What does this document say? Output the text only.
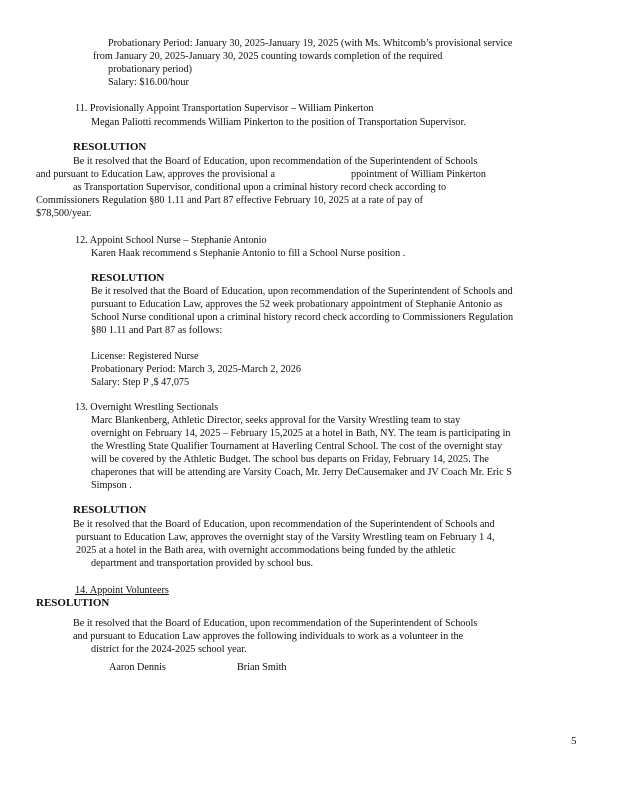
Probationary Period: January 30, 2025-January 19, 2025 (with Ms. Whitcomb’s provisional service
from January 20, 2025-January 30, 2025 counting towards completion of the required
probationary period)
Salary: $16.00/hour
11. Provisionally Appoint Transportation Supervisor – William Pinkerton
Megan Paliotti recommends William Pinkerton to the position of Transportation Supervisor.
RESOLUTION
Be it resolved that the Board of Education, upon recommendation of the Superintendent of Schools
and pursuant to Education Law, approves the provisional a	ppointment of William Pinkerton
as Transportation Supervisor, conditional upon a criminal history record check according to
Commissioners Regulation §80 1.11 and Part 87 effective February 10, 2025 at a rate of pay of
$78,500/year.
12. Appoint School Nurse – Stephanie Antonio
Karen Haak recommend s Stephanie Antonio to fill a School Nurse position .
RESOLUTION
Be it resolved that the Board of Education, upon recommendation of the Superintendent of Schools and
pursuant to Education Law, approves the 52 week probationary appointment of Stephanie Antonio as
School Nurse conditional upon a criminal history record check according to Commissioners Regulation
§80 1.11 and Part 87 as follows:
License: Registered Nurse
Probationary Period: March 3, 2025-March 2, 2026
Salary: Step P ,$ 47,075
13. Overnight Wrestling Sectionals
Marc Blankenberg, Athletic Director, seeks approval for the Varsity Wrestling team to stay
overnight on February 14, 2025 – February 15,2025 at a hotel in Bath, NY. The team is participating in
the Wrestling State Qualifier Tournament at Haverling Central School. The cost of the overnight stay
will be covered by the Athletic Budget. The school bus departs on Friday, February 14, 2025. The
chaperones that will be attending are Varsity Coach, Mr. Jerry DeCausemaker and JV Coach Mr. Eric S
Simpson .
RESOLUTION
Be it resolved that the Board of Education, upon recommendation of the Superintendent of Schools and
pursuant to Education Law, approves the overnight stay of the Varsity Wrestling team on February 1 4,
2025 at a hotel in the Bath area, with overnight accommodations being funded by the athletic
department and transportation provided by school bus.
14. Appoint Volunteers
RESOLUTION
Be it resolved that the Board of Education, upon recommendation of the Superintendent of Schools
and pursuant to Education Law approves the following individuals to work as a volunteer in the
district for the 2024-2025 school year.
Aaron Dennis	Brian Smith
5
